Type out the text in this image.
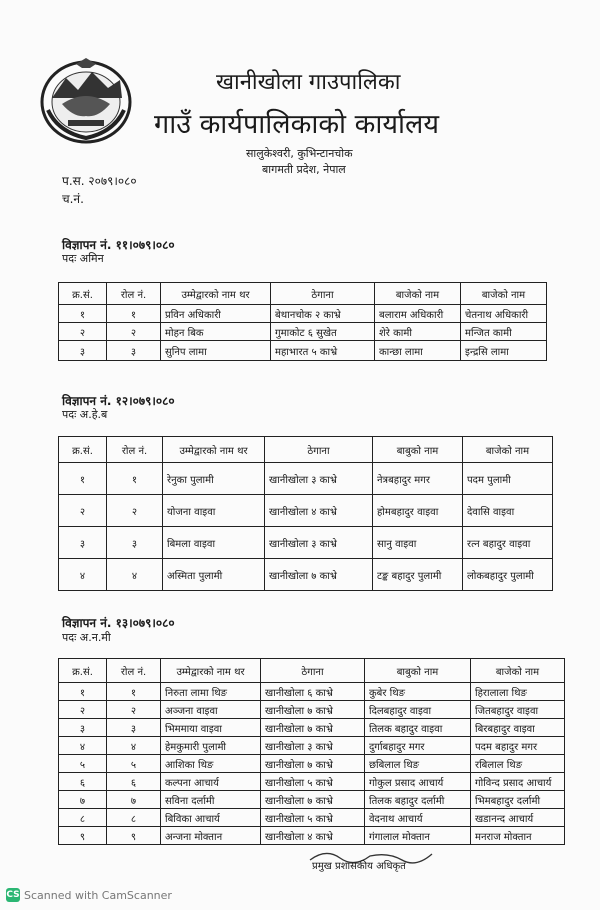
खानीखोला गाउपालिका
गाउँ कार्यपालिकाको कार्यालय
सालुकेश्वरी, कुभिन्टानचोक
बागमती प्रदेश, नेपाल
प.स. २०७९।०८०
च.नं.
विज्ञापन नं. ११।०७९।०८०
पदः अमिन
क्र.सं.	रोल नं.	उम्मेद्वारको नाम थर	ठेगाना	बाजेको नाम	बाजेको नाम
१	१	प्रविन अधिकारी	बेथानचोक २ काभ्रे	बलाराम अधिकारी	चेतनाथ अधिकारी
२	२	मोहन बिक	गुमाकोट ६ सुखेत	शेरे कामी	मन्जित कामी
३	३	सुनिप लामा	महाभारत ५ काभ्रे	कान्छा लामा	इन्द्रसि लामा
विज्ञापन नं. १२।०७९।०८०
पदः अ.हे.ब
क्र.सं.	रोल नं.	उम्मेद्वारको नाम थर	ठेगाना	बाबुको नाम	बाजेको नाम
१	१	रेनुका पुलामी	खानीखोला ३ काभ्रे	नेत्रबहादुर मगर	पदम पुलामी
२	२	योजना वाइवा	खानीखोला ४ काभ्रे	होमबहादुर वाइवा	देवासि वाइवा
३	३	बिमला वाइवा	खानीखोला ३ काभ्रे	सानु वाइवा	रत्न बहादुर वाइवा
४	४	अस्मिता पुलामी	खानीखोला ७ काभ्रे	टङ्क बहादुर पुलामी	लोकबहादुर पुलामी
विज्ञापन नं. १३।०७९।०८०
पदः अ.न.मी
क्र.सं.	रोल नं.	उम्मेद्वारको नाम थर	ठेगाना	बाबुको नाम	बाजेको नाम
१	१	निरुता लामा थिङ	खानीखोला ६ काभ्रे	कुबेर थिङ	हिरालाला थिङ
२	२	अञ्जना वाइवा	खानीखोला ७ काभ्रे	दिलबहादुर वाइवा	जितबहादुर वाइवा
३	३	भिममाया वाइवा	खानीखोला ७ काभ्रे	तिलक बहादुर वाइवा	बिरबहादुर वाइवा
४	४	हेमकुमारी पुलामी	खानीखोला ३ काभ्रे	दुर्गाबहादुर मगर	पदम बहादुर मगर
५	५	आशिका थिङ	खानीखोला ७ काभ्रे	छबिलाल थिङ	रबिलाल थिङ
६	६	कल्पना आचार्य	खानीखोला ५ काभ्रे	गोकुल प्रसाद आचार्य	गोविन्द प्रसाद आचार्य
७	७	सविना दर्लामी	खानीखोला ७ काभ्रे	तिलक बहादुर दर्लामी	भिमबहादुर दर्लामी
८	८	बिविका आचार्य	खानीखोला ५ काभ्रे	वेदनाथ आचार्य	खडानन्द आचार्य
९	९	अन्जना मोक्तान	खानीखोला ४ काभ्रे	गंगालाल मोक्तान	मनराज मोक्तान
प्रमुख प्रशासकीय अधिकृत
CS Scanned with CamScanner
